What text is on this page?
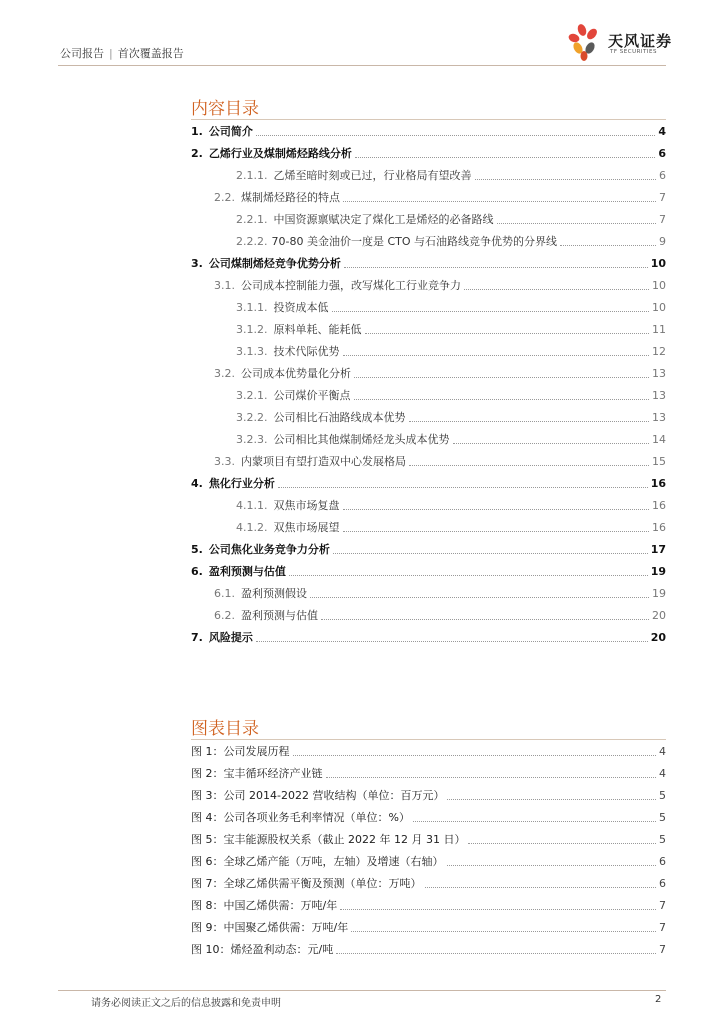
公司报告 | 首次覆盖报告
天风证券
TF SECURITIES
内容目录
1. 公司简介	4
2. 乙烯行业及煤制烯烃路线分析	6
2.1.1. 乙烯至暗时刻或已过，行业格局有望改善	6
2.2. 煤制烯烃路径的特点	7
2.2.1. 中国资源禀赋决定了煤化工是烯烃的必备路线	7
2.2.2. 70-80 美金油价一度是 CTO 与石油路线竞争优势的分界线	9
3. 公司煤制烯烃竞争优势分析	10
3.1. 公司成本控制能力强，改写煤化工行业竞争力	10
3.1.1. 投资成本低	10
3.1.2. 原料单耗、能耗低	11
3.1.3. 技术代际优势	12
3.2. 公司成本优势量化分析	13
3.2.1. 公司煤价平衡点	13
3.2.2. 公司相比石油路线成本优势	13
3.2.3. 公司相比其他煤制烯烃龙头成本优势	14
3.3. 内蒙项目有望打造双中心发展格局	15
4. 焦化行业分析	16
4.1.1. 双焦市场复盘	16
4.1.2. 双焦市场展望	16
5. 公司焦化业务竞争力分析	17
6. 盈利预测与估值	19
6.1. 盈利预测假设	19
6.2. 盈利预测与估值	20
7. 风险提示	20
图表目录
图 1：公司发展历程	4
图 2：宝丰循环经济产业链	4
图 3：公司 2014-2022 营收结构（单位：百万元）	5
图 4：公司各项业务毛利率情况（单位：%）	5
图 5：宝丰能源股权关系（截止 2022 年 12 月 31 日）	5
图 6：全球乙烯产能（万吨，左轴）及增速（右轴）	6
图 7：全球乙烯供需平衡及预测（单位：万吨）	6
图 8：中国乙烯供需：万吨/年	7
图 9：中国聚乙烯供需：万吨/年	7
图 10：烯烃盈利动态：元/吨	7
请务必阅读正文之后的信息披露和免责申明	2
